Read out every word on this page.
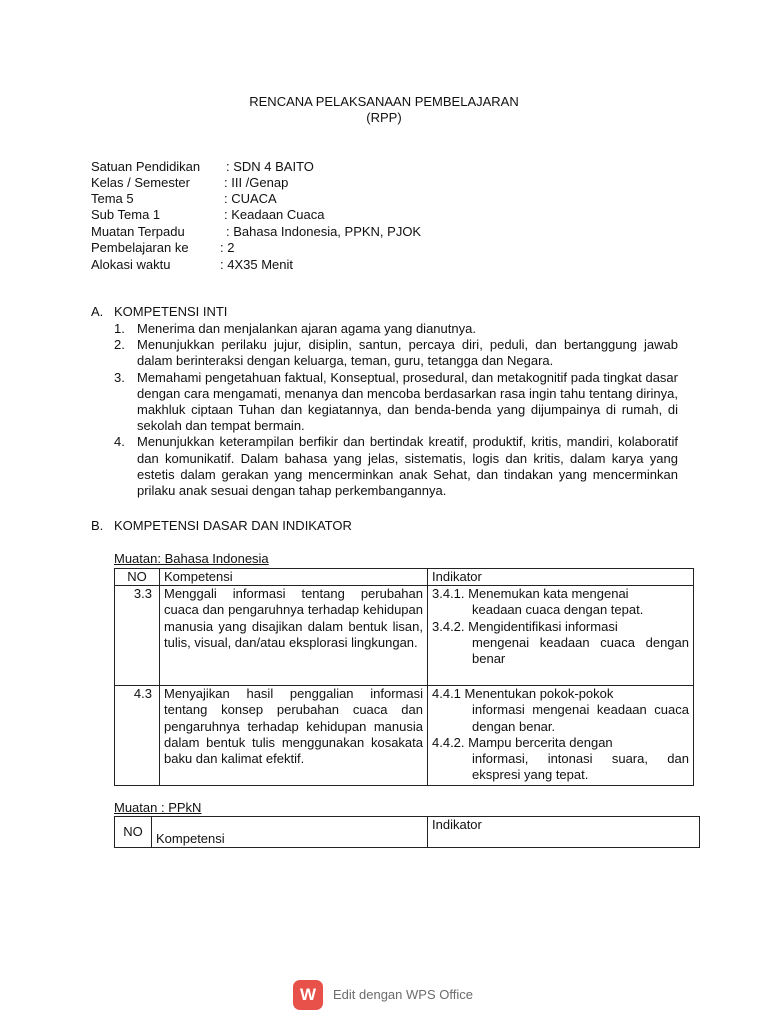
RENCANA PELAKSANAAN PEMBELAJARAN
(RPP)
Satuan Pendidikan : SDN 4 BAITO
Kelas / Semester	: III /Genap
Tema 5	: CUACA
Sub Tema 1	: Keadaan Cuaca
Muatan Terpadu	: Bahasa Indonesia, PPKN, PJOK
Pembelajaran ke : 2
Alokasi waktu	: 4X35 Menit
A. KOMPETENSI INTI
1. Menerima dan menjalankan ajaran agama yang dianutnya.
2. Menunjukkan perilaku jujur, disiplin, santun, percaya diri, peduli, dan bertanggung jawab dalam berinteraksi dengan keluarga, teman, guru, tetangga dan Negara.
3. Memahami pengetahuan faktual, Konseptual, prosedural, dan metakognitif pada tingkat dasar dengan cara mengamati, menanya dan mencoba berdasarkan rasa ingin tahu tentang dirinya, makhluk ciptaan Tuhan dan kegiatannya, dan benda-benda yang dijumpainya di rumah, di sekolah dan tempat bermain.
4. Menunjukkan keterampilan berfikir dan bertindak kreatif, produktif, kritis, mandiri, kolaboratif dan komunikatif. Dalam bahasa yang jelas, sistematis, logis dan kritis, dalam karya yang estetis dalam gerakan yang mencerminkan anak Sehat, dan tindakan yang mencerminkan prilaku anak sesuai dengan tahap perkembangannya.
B. KOMPETENSI DASAR DAN INDIKATOR
Muatan: Bahasa Indonesia
NO	Kompetensi	Indikator
3.3	Menggali informasi tentang perubahan cuaca dan pengaruhnya terhadap kehidupan manusia yang disajikan dalam bentuk lisan, tulis, visual, dan/atau eksplorasi lingkungan.	3.4.1. Menemukan kata mengenai
keadaan cuaca dengan tepat.
3.4.2. Mengidentifikasi informasi
mengenai keadaan cuaca dengan benar

4.3	Menyajikan hasil penggalian informasi tentang konsep perubahan cuaca dan pengaruhnya terhadap kehidupan manusia dalam bentuk tulis menggunakan kosakata baku dan kalimat efektif.	4.4.1 Menentukan pokok-pokok
informasi mengenai keadaan cuaca dengan benar.
4.4.2. Mampu bercerita dengan
informasi, intonasi suara, dan ekspresi yang tepat.
Muatan : PPkN
NO	Kompetensi	Indikator
W Edit dengan WPS Office
